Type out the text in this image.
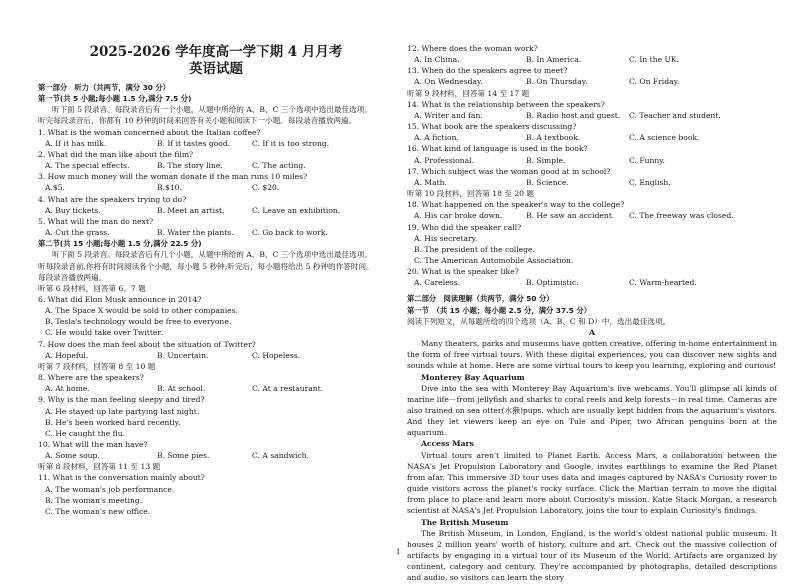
2025-2026 学年度高一学下期 4 月月考
英语试题
第一部分　听力（共两节，满分 30 分）
第一节(共 5 小题;每小题 1.5 分,满分 7.5 分)
听下面 5 段录音。每段录音后有一个小题，从题中所给的 A、B、C 三个选项中选出最佳选项。
听完每段录音后，你都有 10 秒钟的时间来回答有关小题和阅读下一小题。每段录音播放两遍。
1. What is the woman concerned about the Italian coffee?
A. If it has milk.	B. If it tastes good.	C. If it is too strong.
2. What did the man like about the film?
A. The special effects.	B. The story line.	C. The acting.
3. How much money will the woman donate if the man runs 10 miles?
A.$5.	B.$10.	C. $20.
4. What are the speakers trying to do?
A. Buy tickets.	B. Meet an artist.	C. Leave an exhibition.
5. What will the man do next?
A. Cut the grass.	B. Water the plants.	C. Go back to work.
第二节(共 15 小题;每小题 1.5 分,满分 22.5 分)
听下面 5 段录音。每段录音后有几个小题，从题中所给的 A、B、C 三个选项中选出最佳选项。
听每段录音前,你将有时间阅读各个小题，每小题 5 秒钟;听完后，每小题将给出 5 秒钟的作答时间。
每段录音播放两遍。
听第 6 段材料，回答第 6、7 题
6. What did Elon Musk announce in 2014?
A. The Space X would be sold to other companies.
B. Tesla's technology would be free to everyone.
C. He would take over Twitter.
7. How does the man feel about the situation of Twitter?
A. Hopeful.	B. Uncertain.	C. Hopeless.
听第 7 段材料，回答第 8 至 10 题
8. Where are the speakers?
A. At home.	B. At school.	C. At a restaurant.
9. Why is the man feeling sleepy and tired?
A. He stayed up late partying last night.
B. He's been worked hard recently.
C. He caught the flu.
10. What will the man have?
A. Some soup.	B. Some pies.	C. A sandwich.
听第 8 段材料，回答第 11 至 13 题
11. What is the conversation mainly about?
A. The woman's job performance.
B. The woman's meeting.
C. The woman's new office.
12. Where does the woman work?
A. In China.	B. In America.	C. In the UK.
13. When do the speakers agree to meet?
A. On Wednesday.	B. On Thursday.	C. On Friday.
听第 9 段材料，回答第 14 至 17 题
14. What is the relationship between the speakers?
A. Writer and fan.	B. Radio host and guest.	C. Teacher and student.
15. What book are the speakers discussing?
A. A fiction.	B. A textbook.	C. A science book.
16. What kind of language is used in the book?
A. Professional.	B. Simple.	C. Funny.
17. Which subject was the woman good at in school?
A. Math.	B. Science.	C. English.
听第 10 段材料，回答第 18 至 20 题
18. What happened on the speaker's way to the college?
A. His car broke down.	B. He saw an accident.	C. The freeway was closed.
19. Who did the speaker call?
A. His secretary.
B. The president of the college.
C. The American Automobile Association.
20. What is the speaker like?
A. Careless.	B. Optimistic.	C. Warm-hearted.
第二部分　阅读理解（共两节，满分 50 分）
第一节　（共 15 小题；每小题 2.5 分，满分 37.5 分）
阅读下列短文，从每题所给的四个选项（A、B、C 和 D）中，选出最佳选项。
A

Many theaters, parks and museums have gotten creative, offering in-home entertainment in the form of free virtual tours. With these digital experiences, you can discover new sights and sounds while at home. Here are some virtual tours to keep you learning, exploring and curious!

Monterey Bay Aquarium

Dive into the sea with Monterey Bay Aquarium's live webcams. You'll glimpse all kinds of marine life－from jellyfish and sharks to coral reefs and kelp forests－in real time. Cameras are also trained on sea otter(水獭)pups, which are usually kept hidden from the aquarium's visitors. And they let viewers keep an eye on Tule and Piper, two African penguins born at the aquarium.

Access Mars

Virtual tours aren't limited to Planet Earth. Access Mars, a collaboration between the NASA's Jet Propulsion Laboratory and Google, invites earthlings to examine the Red Planet from afar. This immersive 3D tour uses data and images captured by NASA's Curiosity rover to guide visitors across the planet's rocky surface. Click the Martian terrain to move the digital from place to place and learn more about Curiosity's mission. Katie Stack Morgan, a research scientist at NASA's Jet Propulsion Laboratory, joins the tour to explain Curiosity's findings.

The British Museum

The British Museum, in London, England, is the world's oldest national public museum. It houses 2 million years' worth of history, culture and art. Check out the massive collection of artifacts by engaging in a virtual tour of its Museum of the World. Artifacts are organized by continent, category and century. They're accompanied by photographs, detailed descriptions and audio, so visitors can learn the story

1
